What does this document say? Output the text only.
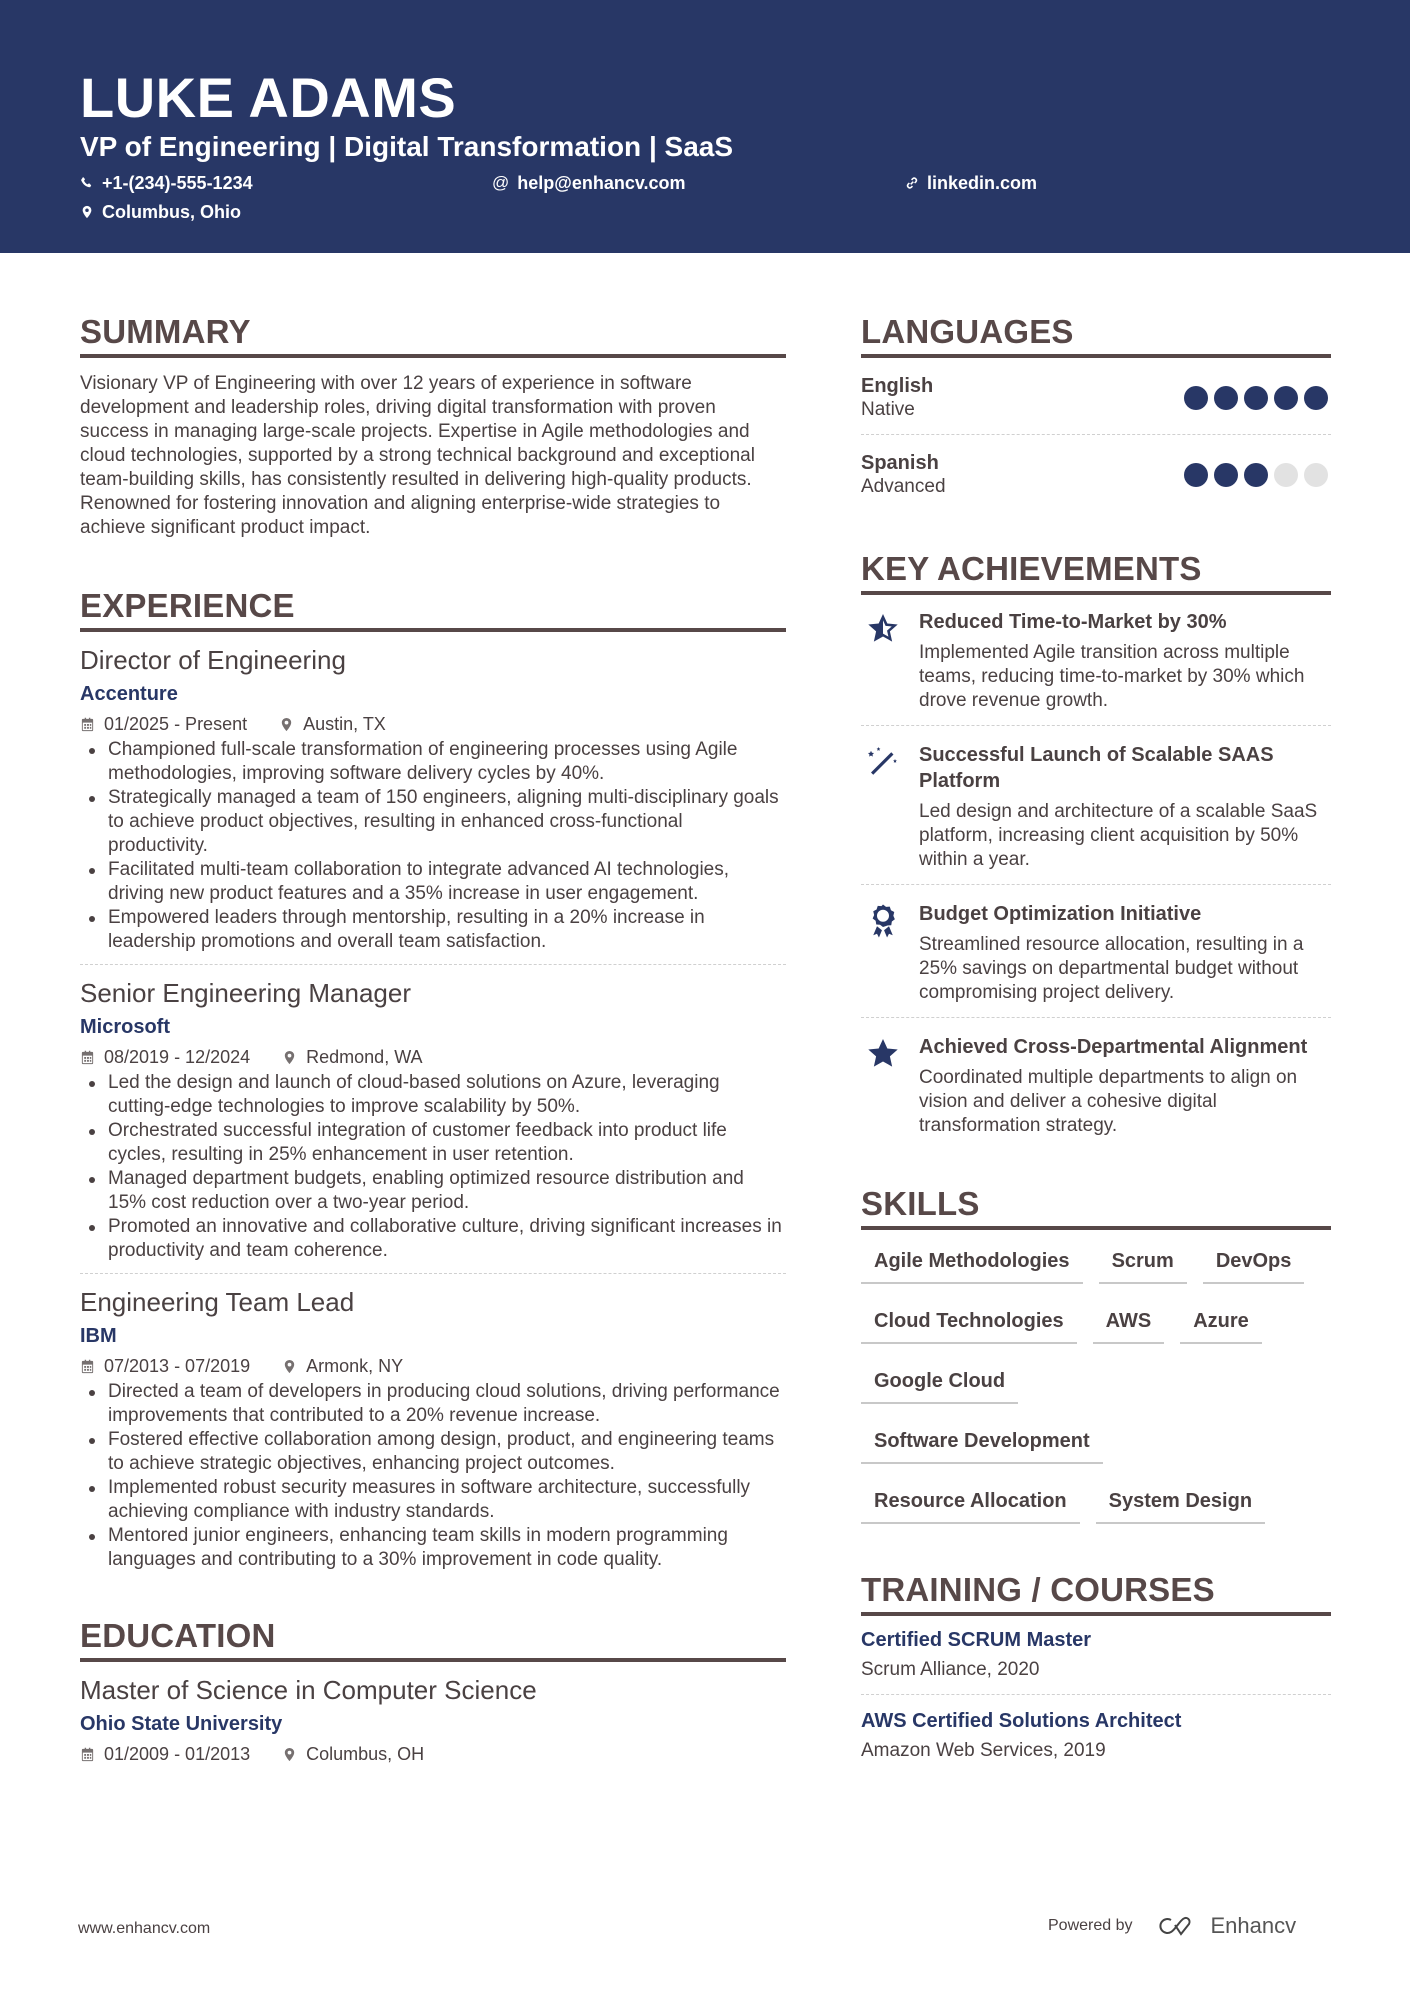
LUKE ADAMS
VP of Engineering | Digital Transformation | SaaS
+1-(234)-555-1234	@ help@enhancv.com	linkedin.com
Columbus, Ohio
SUMMARY

Visionary VP of Engineering with over 12 years of experience in software development and leadership roles, driving digital transformation with proven success in managing large-scale projects. Expertise in Agile methodologies and cloud technologies, supported by a strong technical background and exceptional team-building skills, has consistently resulted in delivering high-quality products. Renowned for fostering innovation and aligning enterprise-wide strategies to achieve significant product impact.

EXPERIENCE
Director of Engineering
Accenture
01/2025 - Present	Austin, TX
Championed full-scale transformation of engineering processes using Agile methodologies, improving software delivery cycles by 40%.
Strategically managed a team of 150 engineers, aligning multi-disciplinary goals to achieve product objectives, resulting in enhanced cross-functional productivity.
Facilitated multi-team collaboration to integrate advanced AI technologies, driving new product features and a 35% increase in user engagement.
Empowered leaders through mentorship, resulting in a 20% increase in leadership promotions and overall team satisfaction.
Senior Engineering Manager
Microsoft
08/2019 - 12/2024	Redmond, WA
Led the design and launch of cloud-based solutions on Azure, leveraging cutting-edge technologies to improve scalability by 50%.
Orchestrated successful integration of customer feedback into product life cycles, resulting in 25% enhancement in user retention.
Managed department budgets, enabling optimized resource distribution and 15% cost reduction over a two-year period.
Promoted an innovative and collaborative culture, driving significant increases in productivity and team coherence.
Engineering Team Lead
IBM
07/2013 - 07/2019	Armonk, NY
Directed a team of developers in producing cloud solutions, driving performance improvements that contributed to a 20% revenue increase.
Fostered effective collaboration among design, product, and engineering teams to achieve strategic objectives, enhancing project outcomes.
Implemented robust security measures in software architecture, successfully achieving compliance with industry standards.
Mentored junior engineers, enhancing team skills in modern programming languages and contributing to a 30% improvement in code quality.
EDUCATION
Master of Science in Computer Science
Ohio State University
01/2009 - 01/2013	Columbus, OH
LANGUAGES
English
Native
Spanish
Advanced
KEY ACHIEVEMENTS
Reduced Time-to-Market by 30%
Implemented Agile transition across multiple teams, reducing time-to-market by 30% which drove revenue growth.
Successful Launch of Scalable SAAS Platform
Led design and architecture of a scalable SaaS platform, increasing client acquisition by 50% within a year.
Budget Optimization Initiative
Streamlined resource allocation, resulting in a 25% savings on departmental budget without compromising project delivery.
Achieved Cross-Departmental Alignment
Coordinated multiple departments to align on vision and deliver a cohesive digital transformation strategy.
SKILLS
Agile Methodologies	Scrum	DevOps
Cloud Technologies	AWS	Azure
Google Cloud
Software Development
Resource Allocation	System Design
TRAINING / COURSES
Certified SCRUM Master
Scrum Alliance, 2020
AWS Certified Solutions Architect
Amazon Web Services, 2019
www.enhancv.com	Powered by	Enhancv
